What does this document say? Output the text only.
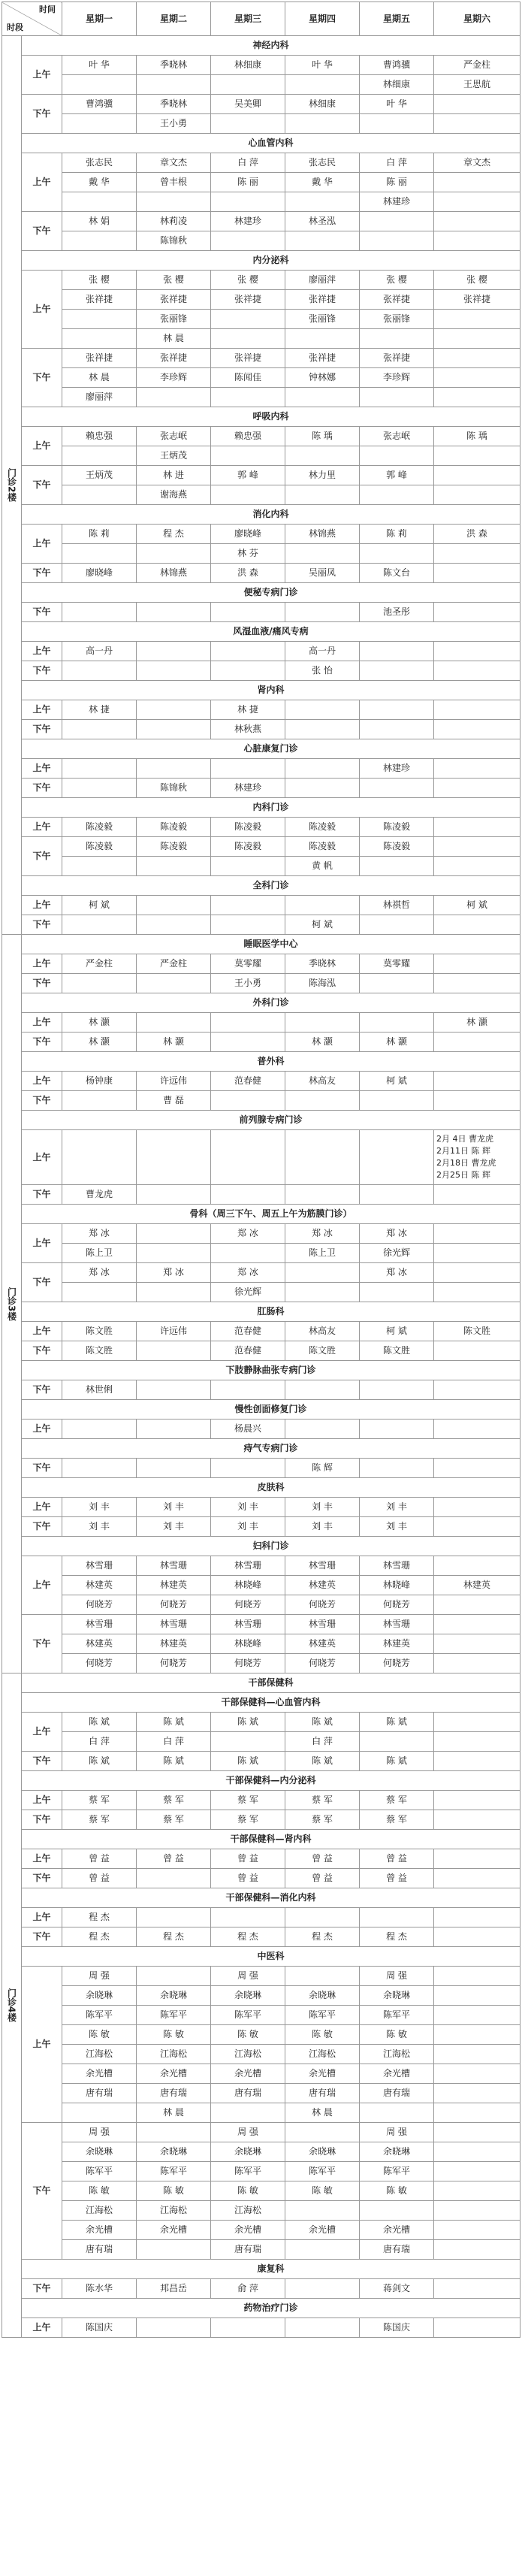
时间
时段		星期一	星期二	星期三	星期四	星期五	星期六

门诊2楼	神经内科						
	上午	叶 华	季晓林	林细康	叶 华	曹鸿骥	严金柱
						林细康	王思航
	下午	曹鸿骥	季晓林	吴美卿	林细康	叶 华	
			王小勇				
	心血管内科						
	上午	张志民	章文杰	白 萍	张志民	白 萍	章文杰
		戴 华	曾丰根	陈 丽	戴 华	陈 丽	
						林建珍	
	下午	林 娟	林莉凌	林建珍	林圣泓		
			陈锦秋				
	内分泌科						
	上午	张 樱	张 樱	张 樱	廖丽萍	张 樱	张 樱
		张祥捷	张祥捷	张祥捷	张祥捷	张祥捷	张祥捷
			张丽锋		张丽锋	张丽锋	
			林 晨				
	下午	张祥捷	张祥捷	张祥捷	张祥捷	张祥捷	
		林 晨	李珍辉	陈闻佳	钟林娜	李珍辉	
		廖丽萍					
	呼吸内科						
	上午	赖忠强	张志岷	赖忠强	陈 瑀	张志岷	陈 瑀
			王炳茂				
	下午	王炳茂	林 进	郭 峰	林力里	郭 峰	
			谢海燕				
	消化内科						
	上午	陈 莉	程 杰	廖晓峰	林锦燕	陈 莉	洪 森
				林 芬			
	下午	廖晓峰	林锦燕	洪 森	吴丽凤	陈文台	
	便秘专病门诊						
	下午					池圣彤	
	风湿血液/痛风专病						
	上午	高一丹			高一丹		
	下午				张 怡		
	肾内科						
	上午	林 捷		林 捷			
	下午			林秋燕			
	心脏康复门诊						
	上午					林建珍	
	下午		陈锦秋	林建珍			
	内科门诊						
	上午	陈凌毅	陈凌毅	陈凌毅	陈凌毅	陈凌毅	
	下午	陈凌毅	陈凌毅	陈凌毅	陈凌毅	陈凌毅	
					黄 帆		
	全科门诊						
	上午	柯 斌				林祺哲	柯 斌
	下午				柯 斌		

门诊3楼	睡眠医学中心						
	上午	严金柱	严金柱	莫零耀	季晓林	莫零耀	
	下午			王小勇	陈海泓		
	外科门诊						
	上午	林 灏					林 灏
	下午	林 灏	林 灏		林 灏	林 灏	
	普外科						
	上午	杨钟康	许远伟	范春健	林高友	柯 斌	
	下午		曹 磊				
	前列腺专病门诊						
	上午						2月 4日 曹龙虎
2月11日 陈 辉
2月18日 曹龙虎
2月25日 陈 辉
	下午	曹龙虎					
	骨科（周三下午、周五上午为筋膜门诊）						
	上午	郑 冰		郑 冰	郑 冰	郑 冰	
		陈上卫			陈上卫	徐光辉	
	下午	郑 冰	郑 冰	郑 冰		郑 冰	
				徐光辉			
	肛肠科						
	上午	陈文胜	许远伟	范春健	林高友	柯 斌	陈文胜
	下午	陈文胜		范春健	陈文胜	陈文胜	
	下肢静脉曲张专病门诊						
	下午	林世俐					
	慢性创面修复门诊						
	上午			杨晨兴			
	痔气专病门诊						
	下午				陈 辉		
	皮肤科						
	上午	刘 丰	刘 丰	刘 丰	刘 丰	刘 丰	
	下午	刘 丰	刘 丰	刘 丰	刘 丰	刘 丰	
	妇科门诊						
	上午	林雪珊	林雪珊	林雪珊	林雪珊	林雪珊	
		林建英	林建英	林晓峰	林建英	林晓峰	林建英
		何晓芳	何晓芳	何晓芳	何晓芳	何晓芳	
	下午	林雪珊	林雪珊	林雪珊	林雪珊	林雪珊	
		林建英	林建英	林晓峰	林建英	林建英	
		何晓芳	何晓芳	何晓芳	何晓芳	何晓芳	

门诊4楼	干部保健科						
	干部保健科—心血管内科						
	上午	陈 斌	陈 斌	陈 斌	陈 斌	陈 斌	
		白 萍	白 萍		白 萍		
	下午	陈 斌	陈 斌	陈 斌	陈 斌	陈 斌	
	干部保健科—内分泌科						
	上午	蔡 军	蔡 军	蔡 军	蔡 军	蔡 军	
	下午	蔡 军	蔡 军	蔡 军	蔡 军	蔡 军	
	干部保健科—肾内科						
	上午	曾 益	曾 益	曾 益	曾 益	曾 益	
	下午	曾 益		曾 益	曾 益	曾 益	
	干部保健科—消化内科						
	上午	程 杰					
	下午	程 杰	程 杰	程 杰	程 杰	程 杰	
	中医科						
	上午	周 强		周 强		周 强	
		余晓琳	余晓琳	余晓琳	余晓琳	余晓琳	
		陈军平	陈军平	陈军平	陈军平	陈军平	
		陈 敏	陈 敏	陈 敏	陈 敏	陈 敏	
		江海松	江海松	江海松	江海松	江海松	
		余光槽	余光槽	余光槽	余光槽	余光槽	
		唐有瑞	唐有瑞	唐有瑞	唐有瑞	唐有瑞	
			林 晨		林 晨		
	下午	周 强		周 强		周 强	
		余晓琳	余晓琳	余晓琳	余晓琳	余晓琳	
		陈军平	陈军平	陈军平	陈军平	陈军平	
		陈 敏	陈 敏	陈 敏	陈 敏	陈 敏	
		江海松	江海松	江海松			
		余光槽	余光槽	余光槽	余光槽	余光槽	
		唐有瑞		唐有瑞		唐有瑞	
	康复科						
	下午	陈水华	邦昌岳	俞 萍		蒋剑文	
	药物治疗门诊						
	上午	陈国庆				陈国庆	
